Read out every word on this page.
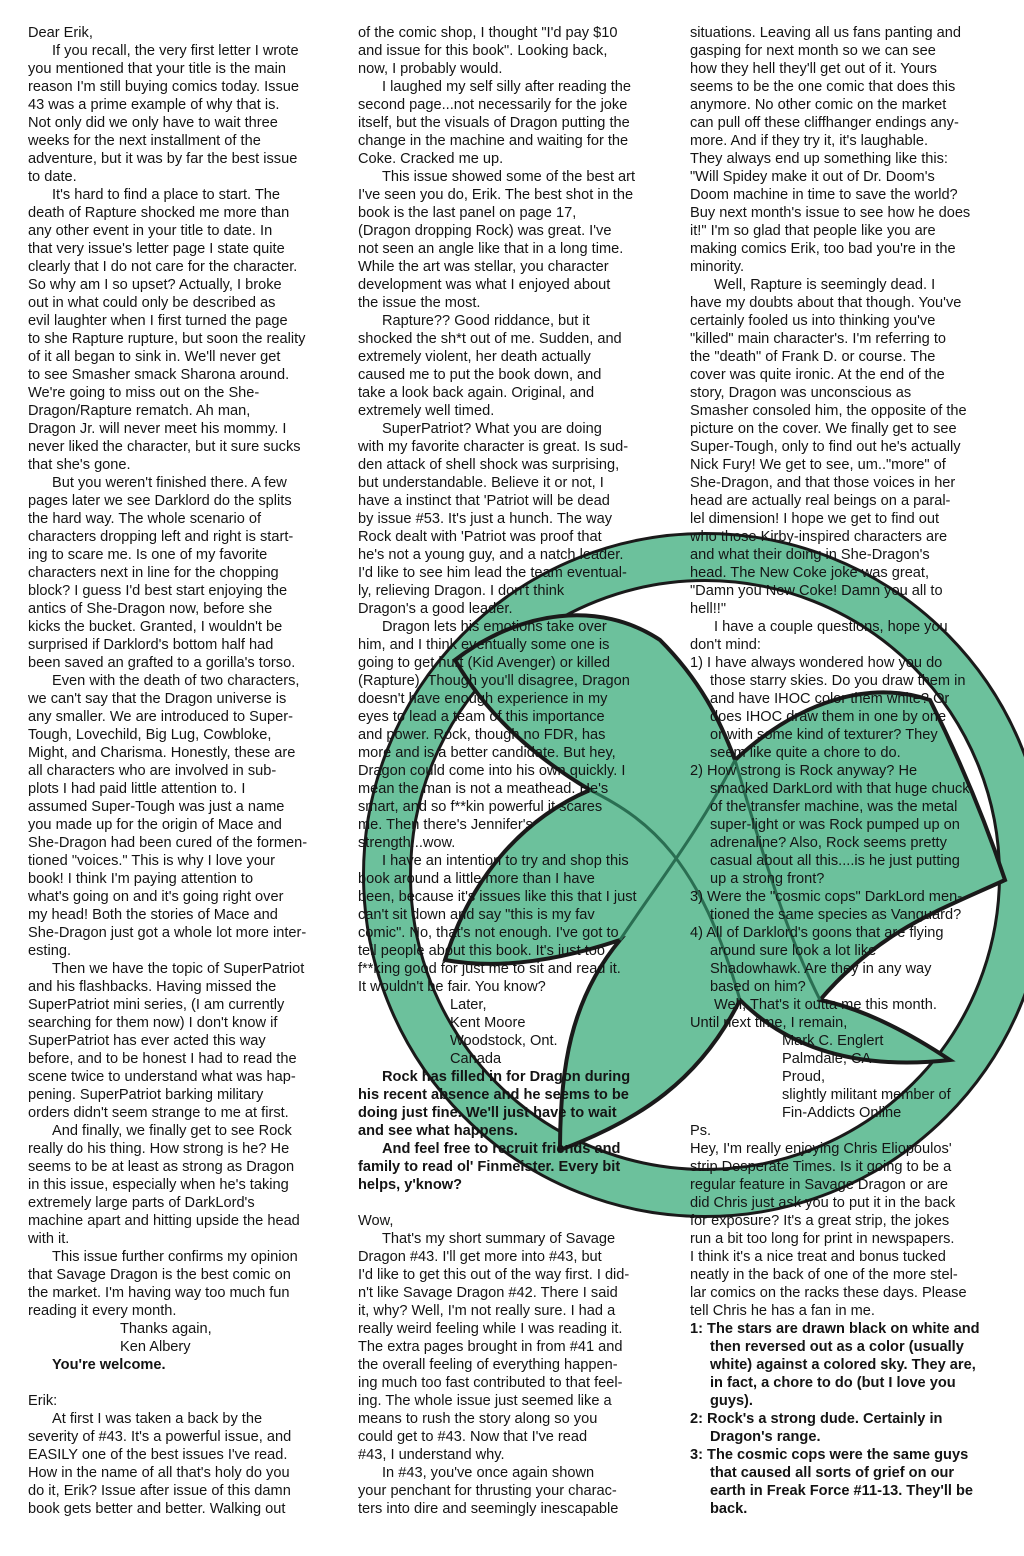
Dear Erik,

If you recall, the very first letter I wrote
you mentioned that your title is the main
reason I'm still buying comics today. Issue
43 was a prime example of why that is.
Not only did we only have to wait three
weeks for the next installment of the
adventure, but it was by far the best issue
to date.

It's hard to find a place to start. The
death of Rapture shocked me more than
any other event in your title to date. In
that very issue's letter page I state quite
clearly that I do not care for the character.
So why am I so upset? Actually, I broke
out in what could only be described as
evil laughter when I first turned the page
to she Rapture rupture, but soon the reality
of it all began to sink in. We'll never get
to see Smasher smack Sharona around.
We're going to miss out on the She-
Dragon/Rapture rematch. Ah man,
Dragon Jr. will never meet his mommy. I
never liked the character, but it sure sucks
that she's gone.

But you weren't finished there. A few
pages later we see Darklord do the splits
the hard way. The whole scenario of
characters dropping left and right is start-
ing to scare me. Is one of my favorite
characters next in line for the chopping
block? I guess I'd best start enjoying the
antics of She-Dragon now, before she
kicks the bucket. Granted, I wouldn't be
surprised if Darklord's bottom half had
been saved an grafted to a gorilla's torso.

Even with the death of two characters,
we can't say that the Dragon universe is
any smaller. We are introduced to Super-
Tough, Lovechild, Big Lug, Cowbloke,
Might, and Charisma. Honestly, these are
all characters who are involved in sub-
plots I had paid little attention to. I
assumed Super-Tough was just a name
you made up for the origin of Mace and
She-Dragon had been cured of the formen-
tioned "voices." This is why I love your
book! I think I'm paying attention to
what's going on and it's going right over
my head! Both the stories of Mace and
She-Dragon just got a whole lot more inter-
esting.

Then we have the topic of SuperPatriot
and his flashbacks. Having missed the
SuperPatriot mini series, (I am currently
searching for them now) I don't know if
SuperPatriot has ever acted this way
before, and to be honest I had to read the
scene twice to understand what was hap-
pening. SuperPatriot barking military
orders didn't seem strange to me at first.

And finally, we finally get to see Rock
really do his thing. How strong is he? He
seems to be at least as strong as Dragon
in this issue, especially when he's taking
extremely large parts of DarkLord's
machine apart and hitting upside the head
with it.

This issue further confirms my opinion
that Savage Dragon is the best comic on
the market. I'm having way too much fun
reading it every month.

Thanks again,
Ken Albery

You're welcome.

Erik:

At first I was taken a back by the
severity of #43. It's a powerful issue, and
EASILY one of the best issues I've read.
How in the name of all that's holy do you
do it, Erik? Issue after issue of this damn
book gets better and better. Walking out

of the comic shop, I thought "I'd pay $10
and issue for this book". Looking back,
now, I probably would.

I laughed my self silly after reading the
second page...not necessarily for the joke
itself, but the visuals of Dragon putting the
change in the machine and waiting for the
Coke. Cracked me up.

This issue showed some of the best art
I've seen you do, Erik. The best shot in the
book is the last panel on page 17,
(Dragon dropping Rock) was great. I've
not seen an angle like that in a long time.
While the art was stellar, you character
development was what I enjoyed about
the issue the most.

Rapture?? Good riddance, but it
shocked the sh*t out of me. Sudden, and
extremely violent, her death actually
caused me to put the book down, and
take a look back again. Original, and
extremely well timed.

SuperPatriot? What you are doing
with my favorite character is great. Is sud-
den attack of shell shock was surprising,
but understandable. Believe it or not, I
have a instinct that 'Patriot will be dead
by issue #53. It's just a hunch. The way
Rock dealt with 'Patriot was proof that
he's not a young guy, and a natch leader.
I'd like to see him lead the team eventual-
ly, relieving Dragon. I don't think
Dragon's a good leader.

Dragon lets his emotions take over
him, and I think eventually some one is
going to get hurt (Kid Avenger) or killed
(Rapture). Though you'll disagree, Dragon
doesn't have enough experience in my
eyes to lead a team of this importance
and power. Rock, though no FDR, has
more and is a better candidate. But hey,
Dragon could come into his own quickly. I
mean the man is not a meathead. He's
smart, and so f**kin powerful it scares
me. Then there's Jennifer's
strength...wow.

I have an intention to try and shop this
book around a little more than I have
been, because it's issues like this that I just
can't sit down and say "this is my fav
comic". No, that's not enough. I've got to
tell people about this book. It's just too
f**king good for just me to sit and read it.
It wouldn't be fair. You know?

Later,
Kent Moore
Woodstock, Ont.
Canada

Rock has filled in for Dragon during
his recent absence and he seems to be
doing just fine. We'll just have to wait
and see what happens.

And feel free to recruit friends and
family to read ol' Finmeister. Every bit
helps, y'know?

Wow,

That's my short summary of Savage
Dragon #43. I'll get more into #43, but
I'd like to get this out of the way first. I did-
n't like Savage Dragon #42. There I said
it, why? Well, I'm not really sure. I had a
really weird feeling while I was reading it.
The extra pages brought in from #41 and
the overall feeling of everything happen-
ing much too fast contributed to that feel-
ing. The whole issue just seemed like a
means to rush the story along so you
could get to #43. Now that I've read
#43, I understand why.

In #43, you've once again shown
your penchant for thrusting your charac-
ters into dire and seemingly inescapable

situations. Leaving all us fans panting and
gasping for next month so we can see
how they hell they'll get out of it. Yours
seems to be the one comic that does this
anymore. No other comic on the market
can pull off these cliffhanger endings any-
more. And if they try it, it's laughable.
They always end up something like this:
"Will Spidey make it out of Dr. Doom's
Doom machine in time to save the world?
Buy next month's issue to see how he does
it!" I'm so glad that people like you are
making comics Erik, too bad you're in the
minority.

Well, Rapture is seemingly dead. I
have my doubts about that though. You've
certainly fooled us into thinking you've
"killed" main character's. I'm referring to
the "death" of Frank D. or course. The
cover was quite ironic. At the end of the
story, Dragon was unconscious as
Smasher consoled him, the opposite of the
picture on the cover. We finally get to see
Super-Tough, only to find out he's actually
Nick Fury! We get to see, um.."more" of
She-Dragon, and that those voices in her
head are actually real beings on a paral-
lel dimension! I hope we get to find out
who those Kirby-inspired characters are
and what their doing in She-Dragon's
head. The New Coke joke was great,
"Damn you New Coke! Damn you all to
hell!!"

I have a couple questions, hope you
don't mind:

1) I have always wondered how you do
those starry skies. Do you draw them in
and have IHOC color them white? Or
does IHOC draw them in one by one
or with some kind of texturer? They
seem like quite a chore to do.

2) How strong is Rock anyway? He
smacked DarkLord with that huge chuck
of the transfer machine, was the metal
super-light or was Rock pumped up on
adrenaline? Also, Rock seems pretty
casual about all this....is he just putting
up a strong front?

3) Were the "cosmic cops" DarkLord men-
tioned the same species as Vanguard?

4) All of Darklord's goons that are flying
around sure look a lot like
Shadowhawk. Are they in any way
based on him?

Well, That's it outta me this month.
Until next time, I remain,

Mark C. Englert
Palmdale, CA
Proud,
slightly militant member of
Fin-Addicts Online

Ps.
Hey, I'm really enjoying Chris Eliopoulos'
strip Desperate Times. Is it going to be a
regular feature in Savage Dragon or are
did Chris just ask you to put it in the back
for exposure? It's a great strip, the jokes
run a bit too long for print in newspapers.
I think it's a nice treat and bonus tucked
neatly in the back of one of the more stel-
lar comics on the racks these days. Please
tell Chris he has a fan in me.

1: The stars are drawn black on white and
then reversed out as a color (usually
white) against a colored sky. They are,
in fact, a chore to do (but I love you
guys).

2: Rock's a strong dude. Certainly in
Dragon's range.

3: The cosmic cops were the same guys
that caused all sorts of grief on our
earth in Freak Force #11-13. They'll be
back.
